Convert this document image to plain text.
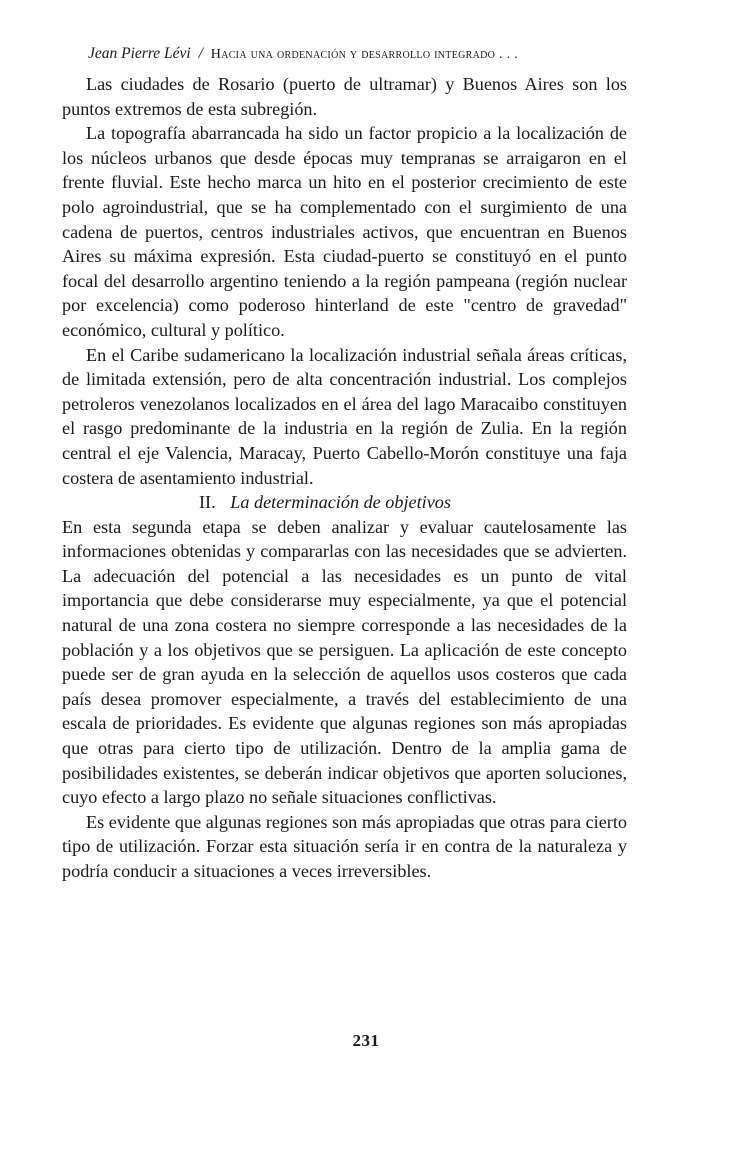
Jean Pierre Lévi / Hacia una ordenación y desarrollo integrado . . .

Las ciudades de Rosario (puerto de ultramar) y Buenos Aires son los puntos extremos de esta subregión.

La topografía abarrancada ha sido un factor propicio a la localización de los núcleos urbanos que desde épocas muy tempranas se arraigaron en el frente fluvial. Este hecho marca un hito en el posterior crecimiento de este polo agroindustrial, que se ha complementado con el surgimiento de una cadena de puertos, centros industriales activos, que encuentran en Buenos Aires su máxima expresión. Esta ciudad-puerto se constituyó en el punto focal del desarrollo argentino teniendo a la región pampeana (región nuclear por excelencia) como poderoso hinterland de este "centro de gravedad" económico, cultural y político.

En el Caribe sudamericano la localización industrial señala áreas críticas, de limitada extensión, pero de alta concentración industrial. Los complejos petroleros venezolanos localizados en el área del lago Maracaibo constituyen el rasgo predominante de la industria en la región de Zulia. En la región central el eje Valencia, Maracay, Puerto Cabello-Morón constituye una faja costera de asentamiento industrial.

II. La determinación de objetivos

En esta segunda etapa se deben analizar y evaluar cautelosamente las informaciones obtenidas y compararlas con las necesidades que se advierten. La adecuación del potencial a las necesidades es un punto de vital importancia que debe considerarse muy especialmente, ya que el potencial natural de una zona costera no siempre corresponde a las necesidades de la población y a los objetivos que se persiguen. La aplicación de este concepto puede ser de gran ayuda en la selección de aquellos usos costeros que cada país desea promover especialmente, a través del establecimiento de una escala de prioridades. Es evidente que algunas regiones son más apropiadas que otras para cierto tipo de utilización. Dentro de la amplia gama de posibilidades existentes, se deberán indicar objetivos que aporten soluciones, cuyo efecto a largo plazo no señale situaciones conflictivas.

Es evidente que algunas regiones son más apropiadas que otras para cierto tipo de utilización. Forzar esta situación sería ir en contra de la naturaleza y podría conducir a situaciones a veces irreversibles.

231
